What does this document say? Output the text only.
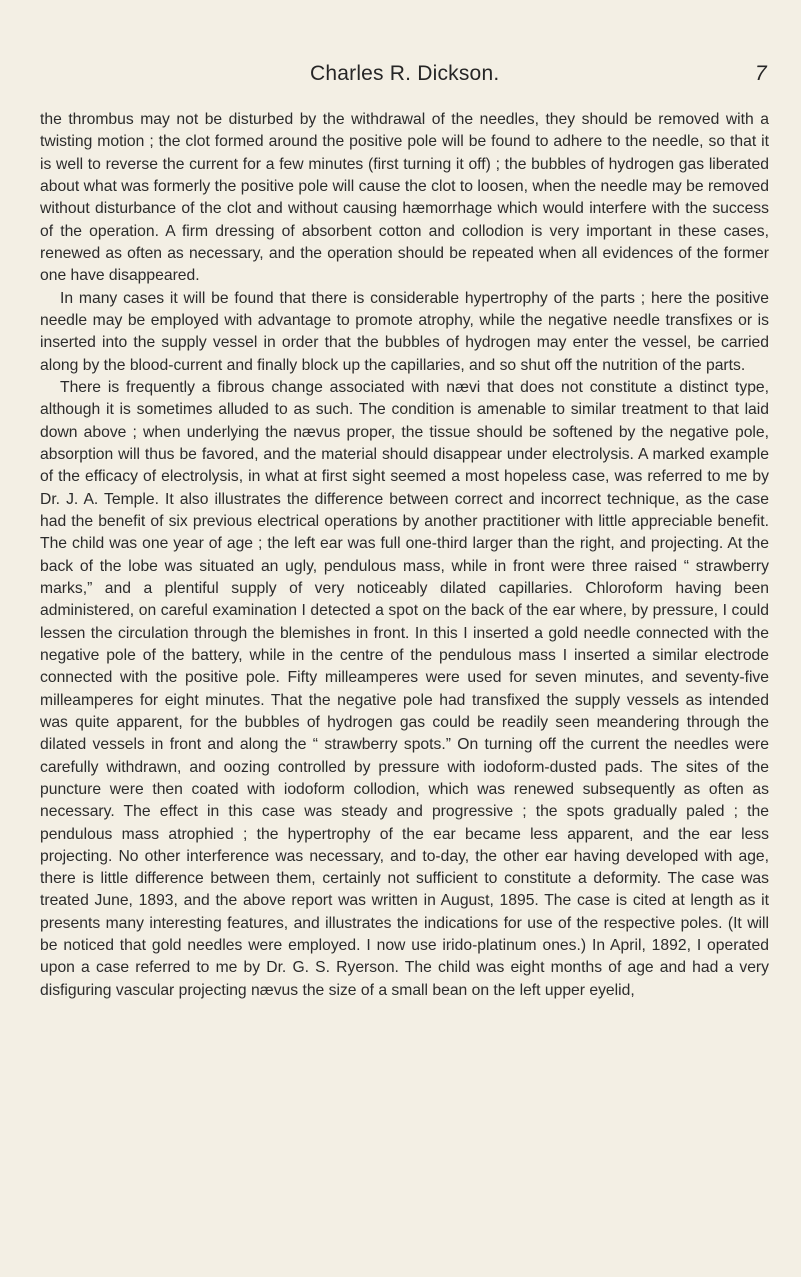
Charles R. Dickson.	7

the thrombus may not be disturbed by the withdrawal of the needles, they should be removed with a twisting motion ; the clot formed around the positive pole will be found to adhere to the needle, so that it is well to reverse the current for a few minutes (first turning it off) ; the bubbles of hydrogen gas liberated about what was formerly the positive pole will cause the clot to loosen, when the needle may be removed without disturbance of the clot and without causing hæmorrhage which would interfere with the success of the operation. A firm dressing of absorbent cotton and collodion is very important in these cases, renewed as often as necessary, and the operation should be repeated when all evidences of the former one have disappeared.

In many cases it will be found that there is considerable hypertrophy of the parts ; here the positive needle may be employed with advantage to promote atrophy, while the negative needle transfixes or is inserted into the supply vessel in order that the bubbles of hydrogen may enter the vessel, be carried along by the blood-current and finally block up the capillaries, and so shut off the nutrition of the parts.

There is frequently a fibrous change associated with nævi that does not constitute a distinct type, although it is sometimes alluded to as such. The condition is amenable to similar treatment to that laid down above ; when underlying the nævus proper, the tissue should be softened by the negative pole, absorption will thus be favored, and the material should disappear under electrolysis. A marked example of the efficacy of electrolysis, in what at first sight seemed a most hopeless case, was referred to me by Dr. J. A. Temple. It also illustrates the difference between correct and incorrect technique, as the case had the benefit of six previous electrical operations by another practitioner with little appreciable benefit. The child was one year of age ; the left ear was full one-third larger than the right, and projecting. At the back of the lobe was situated an ugly, pendulous mass, while in front were three raised “ strawberry marks,” and a plentiful supply of very noticeably dilated capillaries. Chloroform having been administered, on careful examination I detected a spot on the back of the ear where, by pressure, I could lessen the circulation through the blemishes in front. In this I inserted a gold needle connected with the negative pole of the battery, while in the centre of the pendulous mass I inserted a similar electrode connected with the positive pole. Fifty milleamperes were used for seven minutes, and seventy-five milleamperes for eight minutes. That the negative pole had transfixed the supply vessels as intended was quite apparent, for the bubbles of hydrogen gas could be readily seen meandering through the dilated vessels in front and along the “ strawberry spots.” On turning off the current the needles were carefully withdrawn, and oozing controlled by pressure with iodoform-dusted pads. The sites of the puncture were then coated with iodoform collodion, which was renewed subsequently as often as necessary. The effect in this case was steady and progressive ; the spots gradually paled ; the pendulous mass atrophied ; the hypertrophy of the ear became less apparent, and the ear less projecting. No other interference was necessary, and to-day, the other ear having developed with age, there is little difference between them, certainly not sufficient to constitute a deformity. The case was treated June, 1893, and the above report was written in August, 1895. The case is cited at length as it presents many interesting features, and illustrates the indications for use of the respective poles. (It will be noticed that gold needles were employed. I now use irido-platinum ones.) In April, 1892, I operated upon a case referred to me by Dr. G. S. Ryerson. The child was eight months of age and had a very disfiguring vascular projecting nævus the size of a small bean on the left upper eyelid,
